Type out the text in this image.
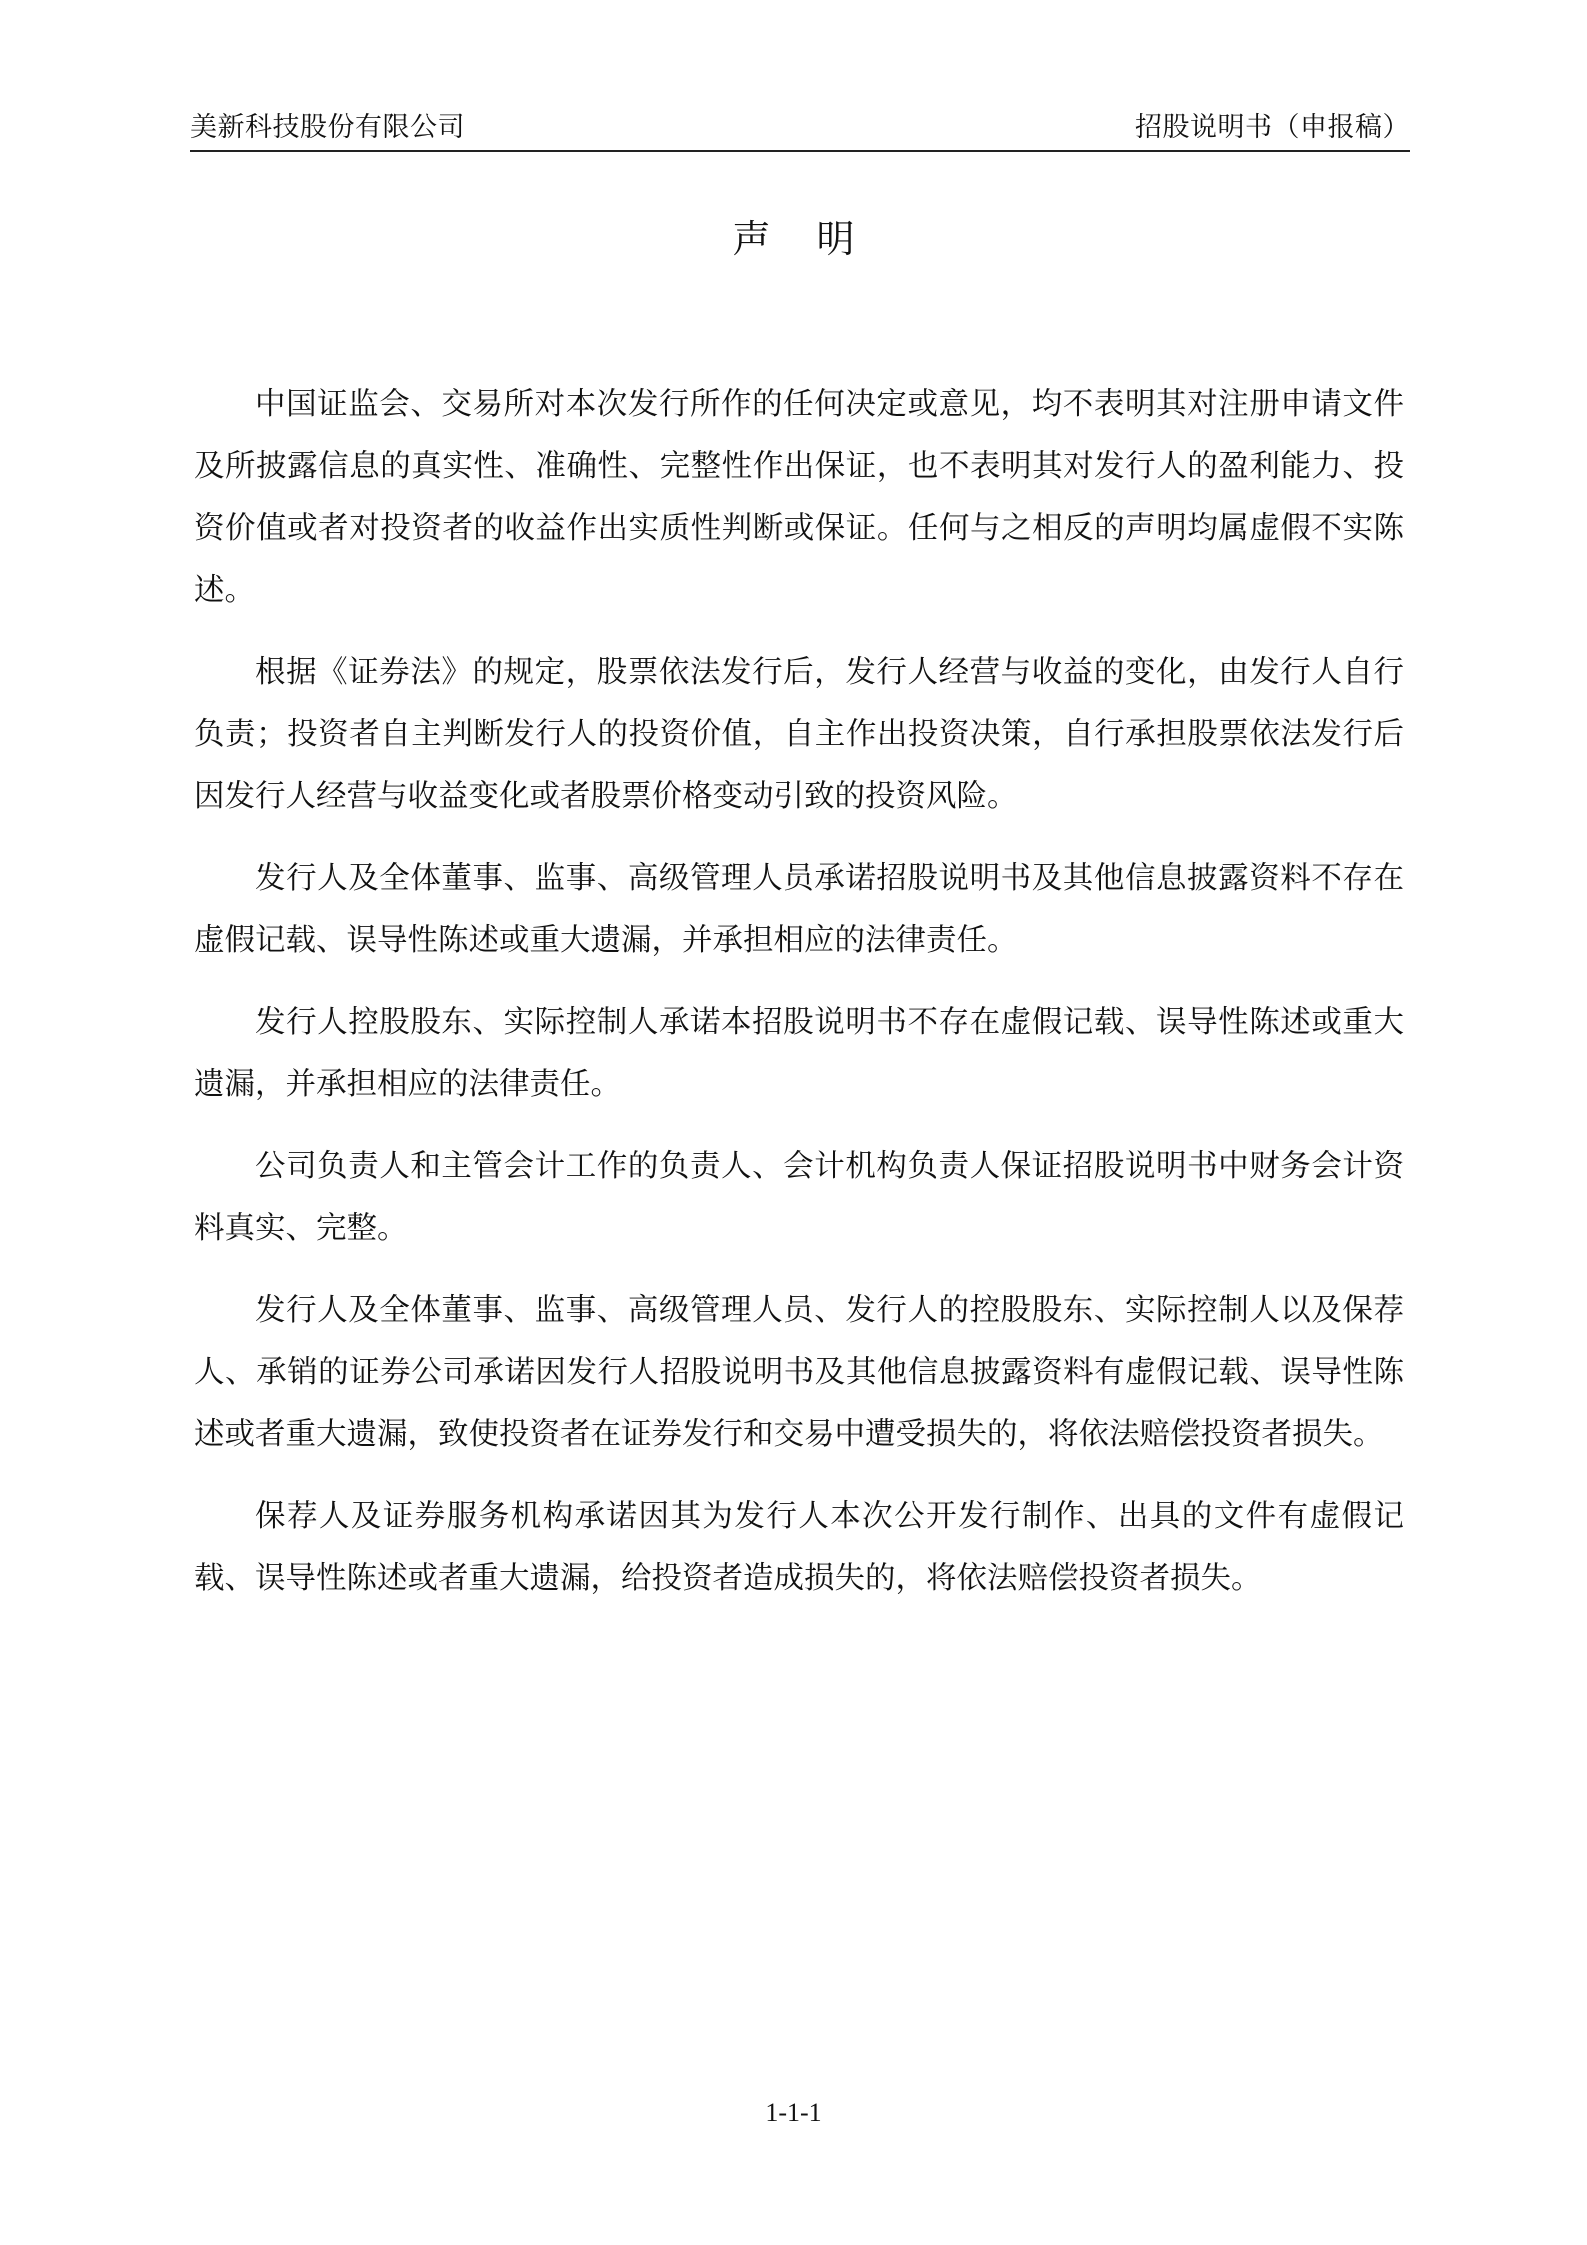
美新科技股份有限公司	招股说明书（申报稿）
声明

中国证监会、交易所对本次发行所作的任何决定或意见，均不表明其对注册申请文件及所披露信息的真实性、准确性、完整性作出保证，也不表明其对发行人的盈利能力、投资价值或者对投资者的收益作出实质性判断或保证。任何与之相反的声明均属虚假不实陈述。

根据《证券法》的规定，股票依法发行后，发行人经营与收益的变化，由发行人自行负责；投资者自主判断发行人的投资价值，自主作出投资决策，自行承担股票依法发行后因发行人经营与收益变化或者股票价格变动引致的投资风险。

发行人及全体董事、监事、高级管理人员承诺招股说明书及其他信息披露资料不存在虚假记载、误导性陈述或重大遗漏，并承担相应的法律责任。

发行人控股股东、实际控制人承诺本招股说明书不存在虚假记载、误导性陈述或重大遗漏，并承担相应的法律责任。

公司负责人和主管会计工作的负责人、会计机构负责人保证招股说明书中财务会计资料真实、完整。

发行人及全体董事、监事、高级管理人员、发行人的控股股东、实际控制人以及保荐人、承销的证券公司承诺因发行人招股说明书及其他信息披露资料有虚假记载、误导性陈述或者重大遗漏，致使投资者在证券发行和交易中遭受损失的，将依法赔偿投资者损失。

保荐人及证券服务机构承诺因其为发行人本次公开发行制作、出具的文件有虚假记载、误导性陈述或者重大遗漏，给投资者造成损失的，将依法赔偿投资者损失。

1-1-1
